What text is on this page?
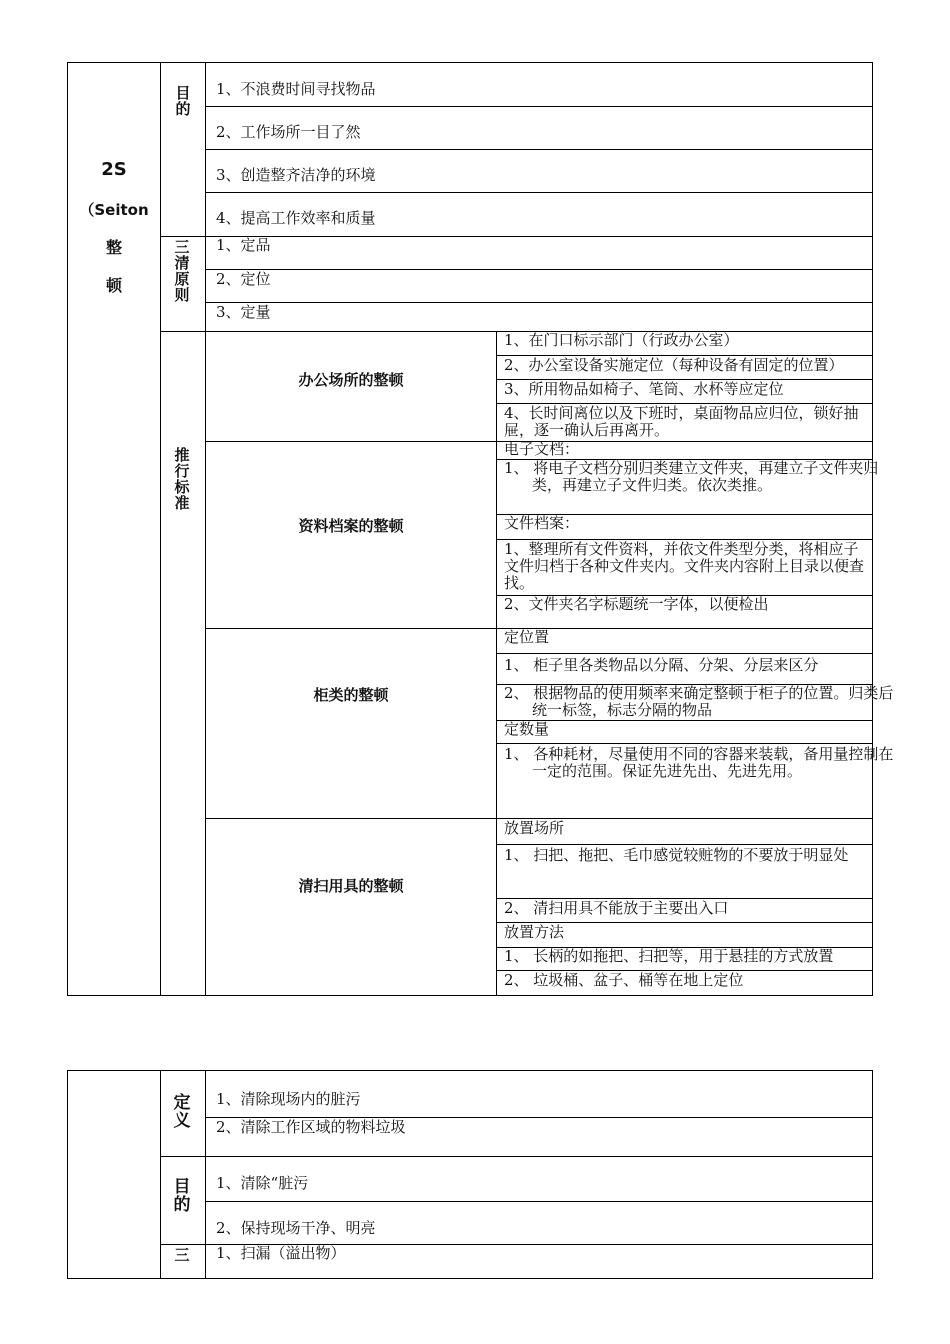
2S
（Seiton
整
顿
目的
1、不浪费时间寻找物品
2、工作场所一目了然
3、创造整齐洁净的环境
4、提高工作效率和质量
三清原则
1、定品
2、定位
3、定量
推行标准
办公场所的整顿
1、在门口标示部门（行政办公室）
2、办公室设备实施定位（每种设备有固定的位置）
3、所用物品如椅子、笔筒、水杯等应定位
4、长时间离位以及下班时，桌面物品应归位，锁好抽屉，逐一确认后再离开。
资料档案的整顿
电子文档：
1、 将电子文档分别归类建立文件夹，再建立子文件夹归类，再建立子文件归类。依次类推。
文件档案：
1、整理所有文件资料，并依文件类型分类，将相应子文件归档于各种文件夹内。文件夹内容附上目录以便查找。
2、文件夹名字标题统一字体，以便检出
柜类的整顿
定位置
1、 柜子里各类物品以分隔、分架、分层来区分
2、 根据物品的使用频率来确定整顿于柜子的位置。归类后统一标签，标志分隔的物品
定数量
1、 各种耗材，尽量使用不同的容器来装载，备用量控制在一定的范围。保证先进先出、先进先用。
清扫用具的整顿
放置场所
1、 扫把、拖把、毛巾感觉较赃物的不要放于明显处
2、 清扫用具不能放于主要出入口
放置方法
1、 长柄的如拖把、扫把等，用于悬挂的方式放置
2、 垃圾桶、盆子、桶等在地上定位
定义
1、清除现场内的脏污
2、清除工作区域的物料垃圾
目的
1、清除“脏污
2、保持现场干净、明亮
三	1、扫漏（溢出物）
